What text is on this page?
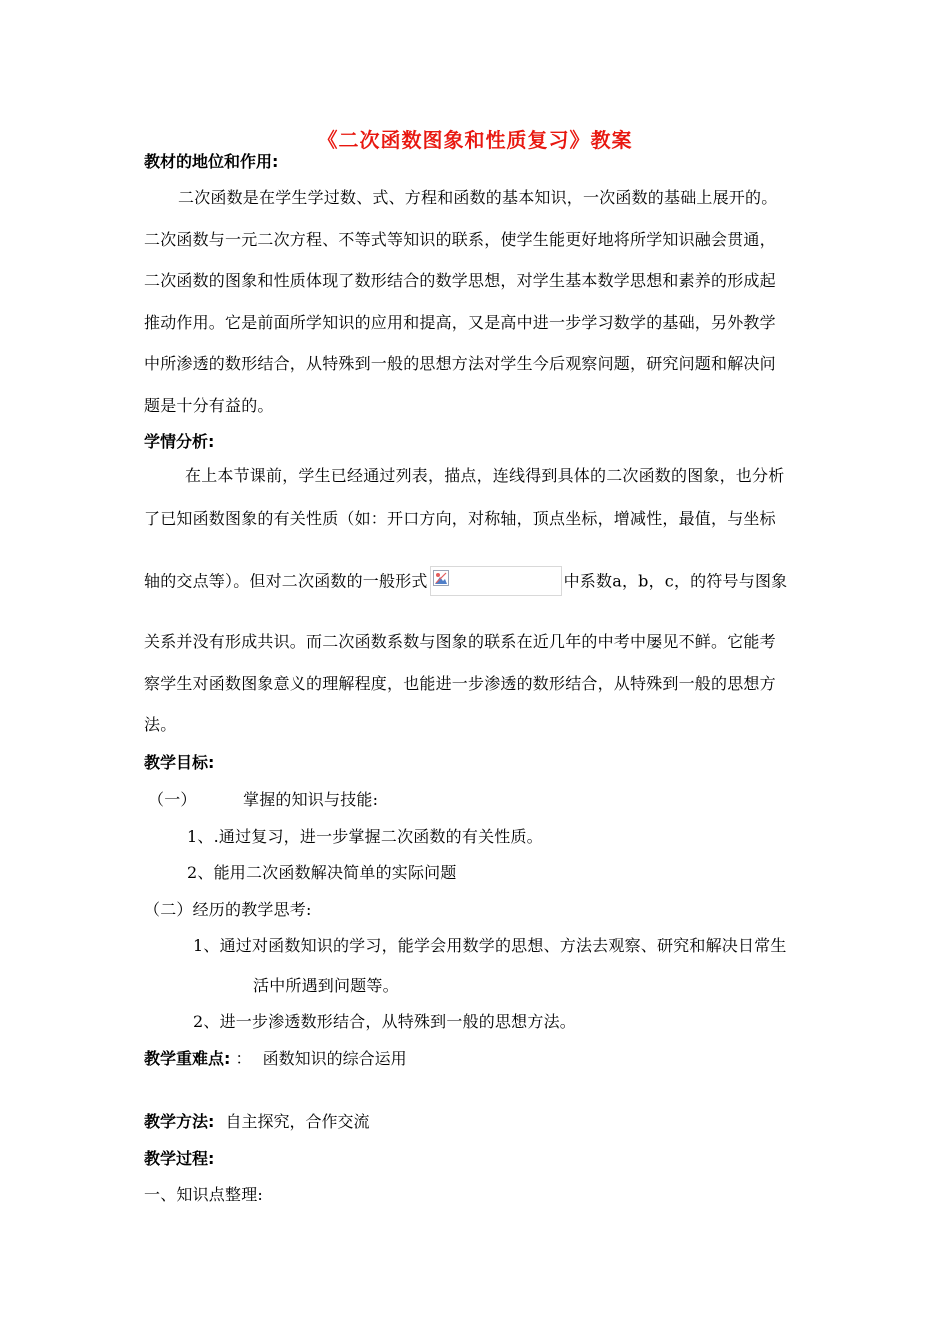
《二次函数图象和性质复习》教案
教材的地位和作用:
二次函数是在学生学过数、式、方程和函数的基本知识，一次函数的基础上展开的。
二次函数与一元二次方程、不等式等知识的联系，使学生能更好地将所学知识融会贯通，
二次函数的图象和性质体现了数形结合的数学思想，对学生基本数学思想和素养的形成起
推动作用。它是前面所学知识的应用和提高，又是高中进一步学习数学的基础，另外教学
中所渗透的数形结合，从特殊到一般的思想方法对学生今后观察问题，研究问题和解决问
题是十分有益的。
学情分析:
在上本节课前，学生已经通过列表，描点，连线得到具体的二次函数的图象，也分析
了已知函数图象的有关性质（如：开口方向，对称轴，顶点坐标，增减性，最值，与坐标
轴的交点等）。但对二次函数的一般形式	中系数a，b，c，的符号与图象
关系并没有形成共识。而二次函数系数与图象的联系在近几年的中考中屡见不鲜。它能考
察学生对函数图象意义的理解程度，也能进一步渗透的数形结合，从特殊到一般的思想方
法。
教学目标:
（一）	掌握的知识与技能:
1、.通过复习，进一步掌握二次函数的有关性质。
2、能用二次函数解决简单的实际问题
（二）经历的教学思考:
1、通过对函数知识的学习，能学会用数学的思想、方法去观察、研究和解决日常生
活中所遇到问题等。
2、进一步渗透数形结合，从特殊到一般的思想方法。
教学重难点: ： 函数知识的综合运用
教学方法: 自主探究，合作交流
教学过程:
一、知识点整理:
